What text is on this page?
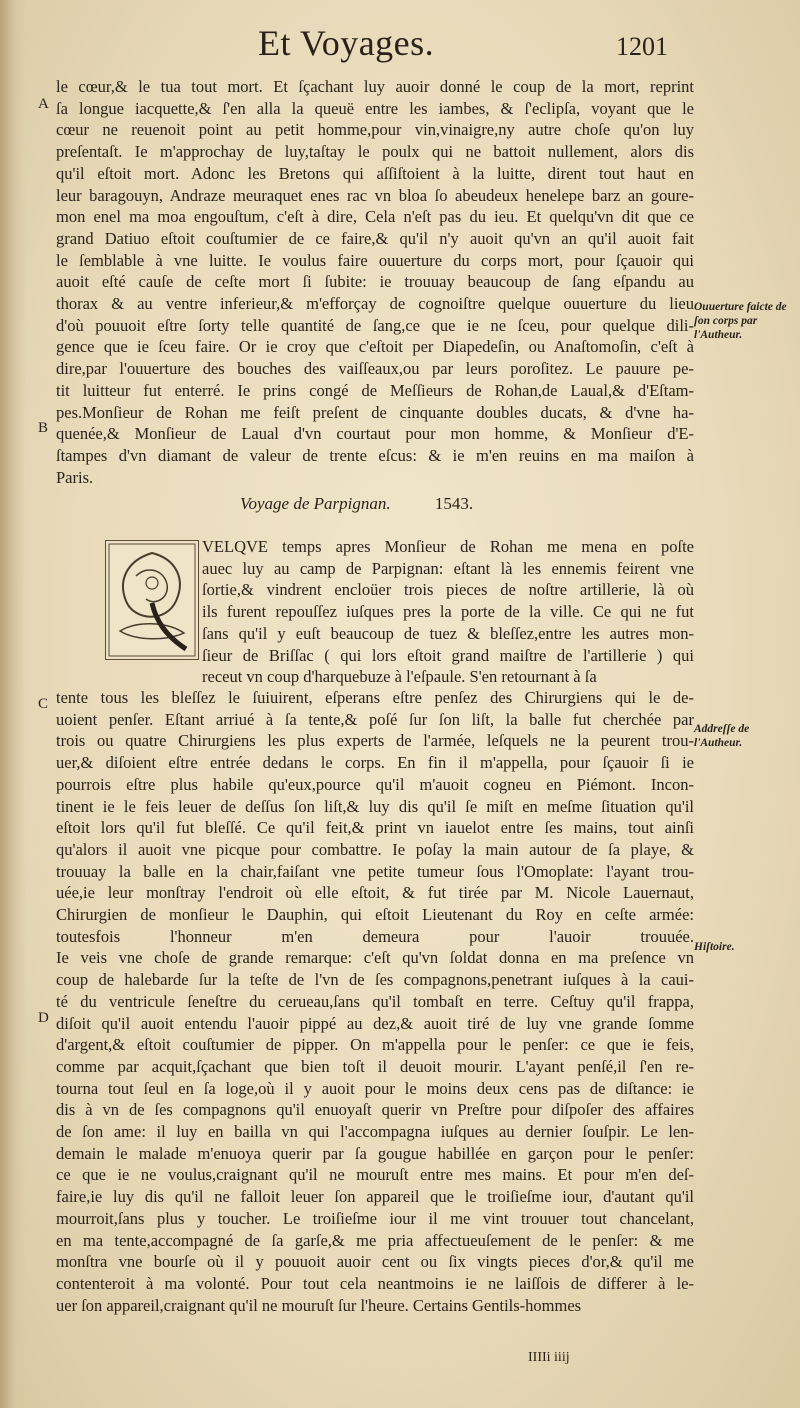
Et Voyages.	1201
le cœur,& le tua tout mort. Et ſçachant luy auoir donné le coup de la mort, reprint
ſa longue iacquette,& ſ'en alla la queuë entre les iambes, & ſ'eclipſa, voyant que le
cœur ne reuenoit point au petit homme,pour vin,vinaigre,ny autre choſe qu'on luy
preſentaſt. Ie m'approchay de luy,taſtay le poulx qui ne battoit nullement, alors dis
qu'il eſtoit mort. Adonc les Bretons qui aſſiſtoient à la luitte, dirent tout haut en
leur baragouyn, Andraze meuraquet enes rac vn bloa ſo abeudeux henelepe barz an goure-
mon enel ma moa engouſtum, c'eſt à dire, Cela n'eſt pas du ieu. Et quelqu'vn dit que ce
grand Datiuo eſtoit couſtumier de ce faire,& qu'il n'y auoit qu'vn an qu'il auoit fait
le ſemblable à vne luitte. Ie voulus faire ouuerture du corps mort, pour ſçauoir qui
auoit eſté cauſe de ceſte mort ſi ſubite: ie trouuay beaucoup de ſang eſpandu au
thorax & au ventre inferieur,& m'efforçay de cognoiſtre quelque ouuerture du lieu
d'où pouuoit eſtre ſorty telle quantité de ſang,ce que ie ne ſceu, pour quelque dili-
gence que ie ſceu faire. Or ie croy que c'eſtoit per Diapedeſin, ou Anaſtomoſin, c'eſt à
dire,par l'ouuerture des bouches des vaiſſeaux,ou par leurs poroſitez. Le pauure pe-
tit luitteur fut enterré. Ie prins congé de Meſſieurs de Rohan,de Laual,& d'Eſtam-
pes.Monſieur de Rohan me feiſt preſent de cinquante doubles ducats, & d'vne ha-
quenée,& Monſieur de Laual d'vn courtaut pour mon homme, & Monſieur d'E-
ſtampes d'vn diamant de valeur de trente eſcus: & ie m'en reuins en ma maiſon à
Paris.
A
B
Ouuerture faicte de ſon corps par l'Autheur.
Voyage de Parpignan.	1543.
VELQVE temps apres Monſieur de Rohan me mena en poſte
auec luy au camp de Parpignan: eſtant là les ennemis feirent vne
ſortie,& vindrent encloüer trois pieces de noſtre artillerie, là où
ils furent repouſſez iuſques pres la porte de la ville. Ce qui ne fut
ſans qu'il y euſt beaucoup de tuez & bleſſez,entre les autres mon-
ſieur de Briſſac ( qui lors eſtoit grand maiſtre de l'artillerie ) qui
receut vn coup d'harquebuze à l'eſpaule. S'en retournant à ſa
C tente tous les bleſſez le ſuiuirent, eſperans eſtre penſez des Chirurgiens qui le de-
uoient penſer. Eſtant arriué à ſa tente,& poſé ſur ſon liſt, la balle fut cherchée par
trois ou quatre Chirurgiens les plus experts de l'armée, leſquels ne la peurent trou-
uer,& diſoient eſtre entrée dedans le corps. En fin il m'appella, pour ſçauoir ſi ie
pourrois eſtre plus habile qu'eux,pource qu'il m'auoit cogneu en Piémont. Incon-
tinent ie le feis leuer de deſſus ſon liſt,& luy dis qu'il ſe miſt en meſme ſituation qu'il
eſtoit lors qu'il fut bleſſé. Ce qu'il feit,& print vn iauelot entre ſes mains, tout ainſi
qu'alors il auoit vne picque pour combattre. Ie poſay la main autour de ſa playe, &
trouuay la balle en la chair,faiſant vne petite tumeur ſous l'Omoplate: l'ayant trou-
uée,ie leur monſtray l'endroit où elle eſtoit, & fut tirée par M. Nicole Lauernaut,
Chirurgien de monſieur le Dauphin, qui eſtoit Lieutenant du Roy en ceſte armée:
toutesfois l'honneur m'en demeura pour l'auoir trouuée.
Ie veis vne choſe de grande remarque: c'eſt qu'vn ſoldat donna en ma preſence vn
coup de halebarde ſur la teſte de l'vn de ſes compagnons,penetrant iuſques à la caui-
té du ventricule ſeneſtre du cerueau,ſans qu'il tombaſt en terre. Ceſtuy qu'il frappa,
diſoit qu'il auoit entendu l'auoir pippé au dez,& auoit tiré de luy vne grande ſomme
d'argent,& eſtoit couſtumier de pipper. On m'appella pour le penſer: ce que ie feis,
comme par acquit,ſçachant que bien toſt il deuoit mourir. L'ayant penſé,il ſ'en re-
tourna tout ſeul en ſa loge,où il y auoit pour le moins deux cens pas de diſtance: ie
dis à vn de ſes compagnons qu'il enuoyaſt querir vn Preſtre pour diſpoſer des affaires
de ſon ame: il luy en bailla vn qui l'accompagna iuſques au dernier ſouſpir. Le len-
demain le malade m'enuoya querir par ſa gougue habillée en garçon pour le penſer:
ce que ie ne voulus,craignant qu'il ne mouruſt entre mes mains. Et pour m'en deſ-
faire,ie luy dis qu'il ne falloit leuer ſon appareil que le troiſieſme iour, d'autant qu'il
mourroit,ſans plus y toucher. Le troiſieſme iour il me vint trouuer tout chancelant,
en ma tente,accompagné de ſa garſe,& me pria affectueuſement de le penſer: & me
monſtra vne bourſe où il y pouuoit auoir cent ou ſix vingts pieces d'or,& qu'il me
contenteroit à ma volonté. Pour tout cela neantmoins ie ne laiſſois de differer à le-
uer ſon appareil,craignant qu'il ne mouruſt ſur l'heure. Certains Gentils-hommes
Addreſſe de l'Autheur.
Hiſtoire.
D
IIIIi iiij
